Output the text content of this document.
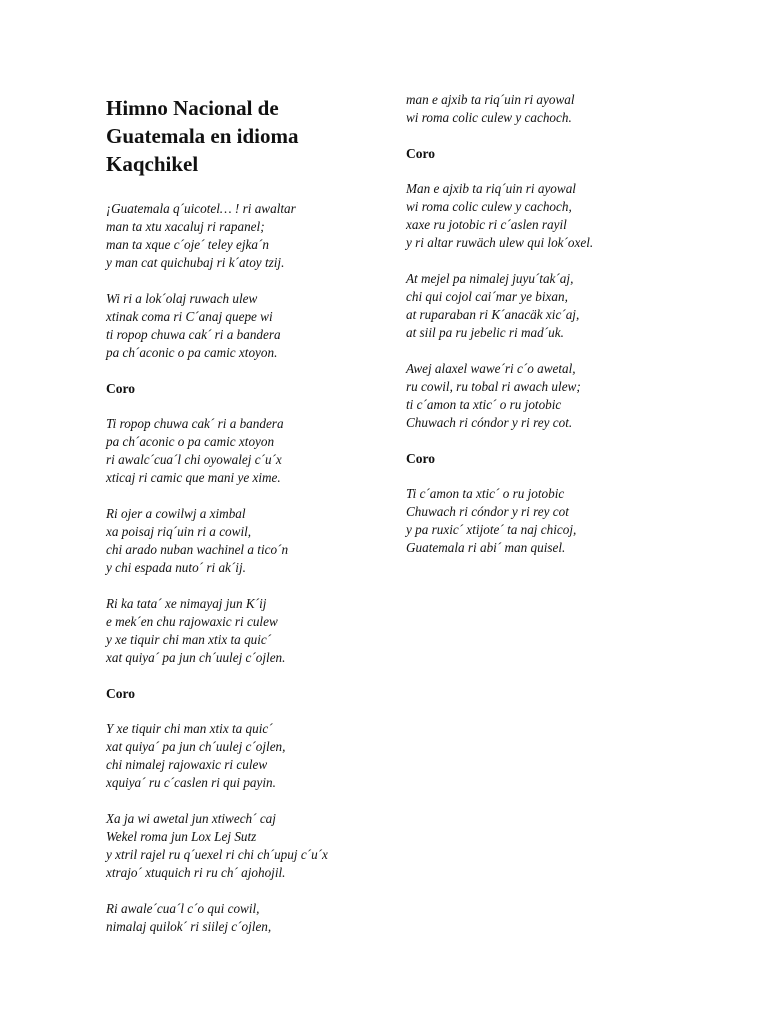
Himno Nacional de
Guatemala en idioma
Kaqchikel
¡Guatemala q´uicotel… ! ri awaltar
man ta xtu xacaluj ri rapanel;
man ta xque c´oje´ teley ejka´n
y man cat quichubaj ri k´atoy tzij.
Wi ri a lok´olaj ruwach ulew
xtinak coma ri C´anaj quepe wi
ti ropop chuwa cak´ ri a bandera
pa ch´aconic o pa camic xtoyon.
Coro
Ti ropop chuwa cak´ ri a bandera
pa ch´aconic o pa camic xtoyon
ri awalc´cua´l chi oyowalej c´u´x
xticaj ri camic que mani ye xime.
Ri ojer a cowilwj a ximbal
xa poisaj riq´uin ri a cowil,
chi arado nuban wachinel a tico´n
y chi espada nuto´ ri ak´ij.
Ri ka tata´ xe nimayaj jun K´ij
e mek´en chu rajowaxic ri culew
y xe tiquir chi man xtix ta quic´
xat quiya´ pa jun ch´uulej c´ojlen.
Coro
Y xe tiquir chi man xtix ta quic´
xat quiya´ pa jun ch´uulej c´ojlen,
chi nimalej rajowaxic ri culew
xquiya´ ru c´caslen ri qui payin.
Xa ja wi awetal jun xtiwech´ caj
Wekel roma jun Lox Lej Sutz
y xtril rajel ru q´uexel ri chi ch´upuj c´u´x
xtrajo´ xtuquich ri ru ch´ ajohojil.
Ri awale´cua´l c´o qui cowil,
nimalaj quilok´ ri siilej c´ojlen,
man e ajxib ta riq´uin ri ayowal
wi roma colic culew y cachoch.
Coro
Man e ajxib ta riq´uin ri ayowal
wi roma colic culew y cachoch,
xaxe ru jotobic ri c´aslen rayil
y ri altar ruwäch ulew qui lok´oxel.
At mejel pa nimalej juyu´tak´aj,
chi qui cojol cai´mar ye bixan,
at ruparaban ri K´anacäk xic´aj,
at siil pa ru jebelic ri mad´uk.
Awej alaxel wawe´ri c´o awetal,
ru cowil, ru tobal ri awach ulew;
ti c´amon ta xtic´ o ru jotobic
Chuwach ri cóndor y ri rey cot.
Coro
Ti c´amon ta xtic´ o ru jotobic
Chuwach ri cóndor y ri rey cot
y pa ruxic´ xtijote´ ta naj chicoj,
Guatemala ri abi´ man quisel.
